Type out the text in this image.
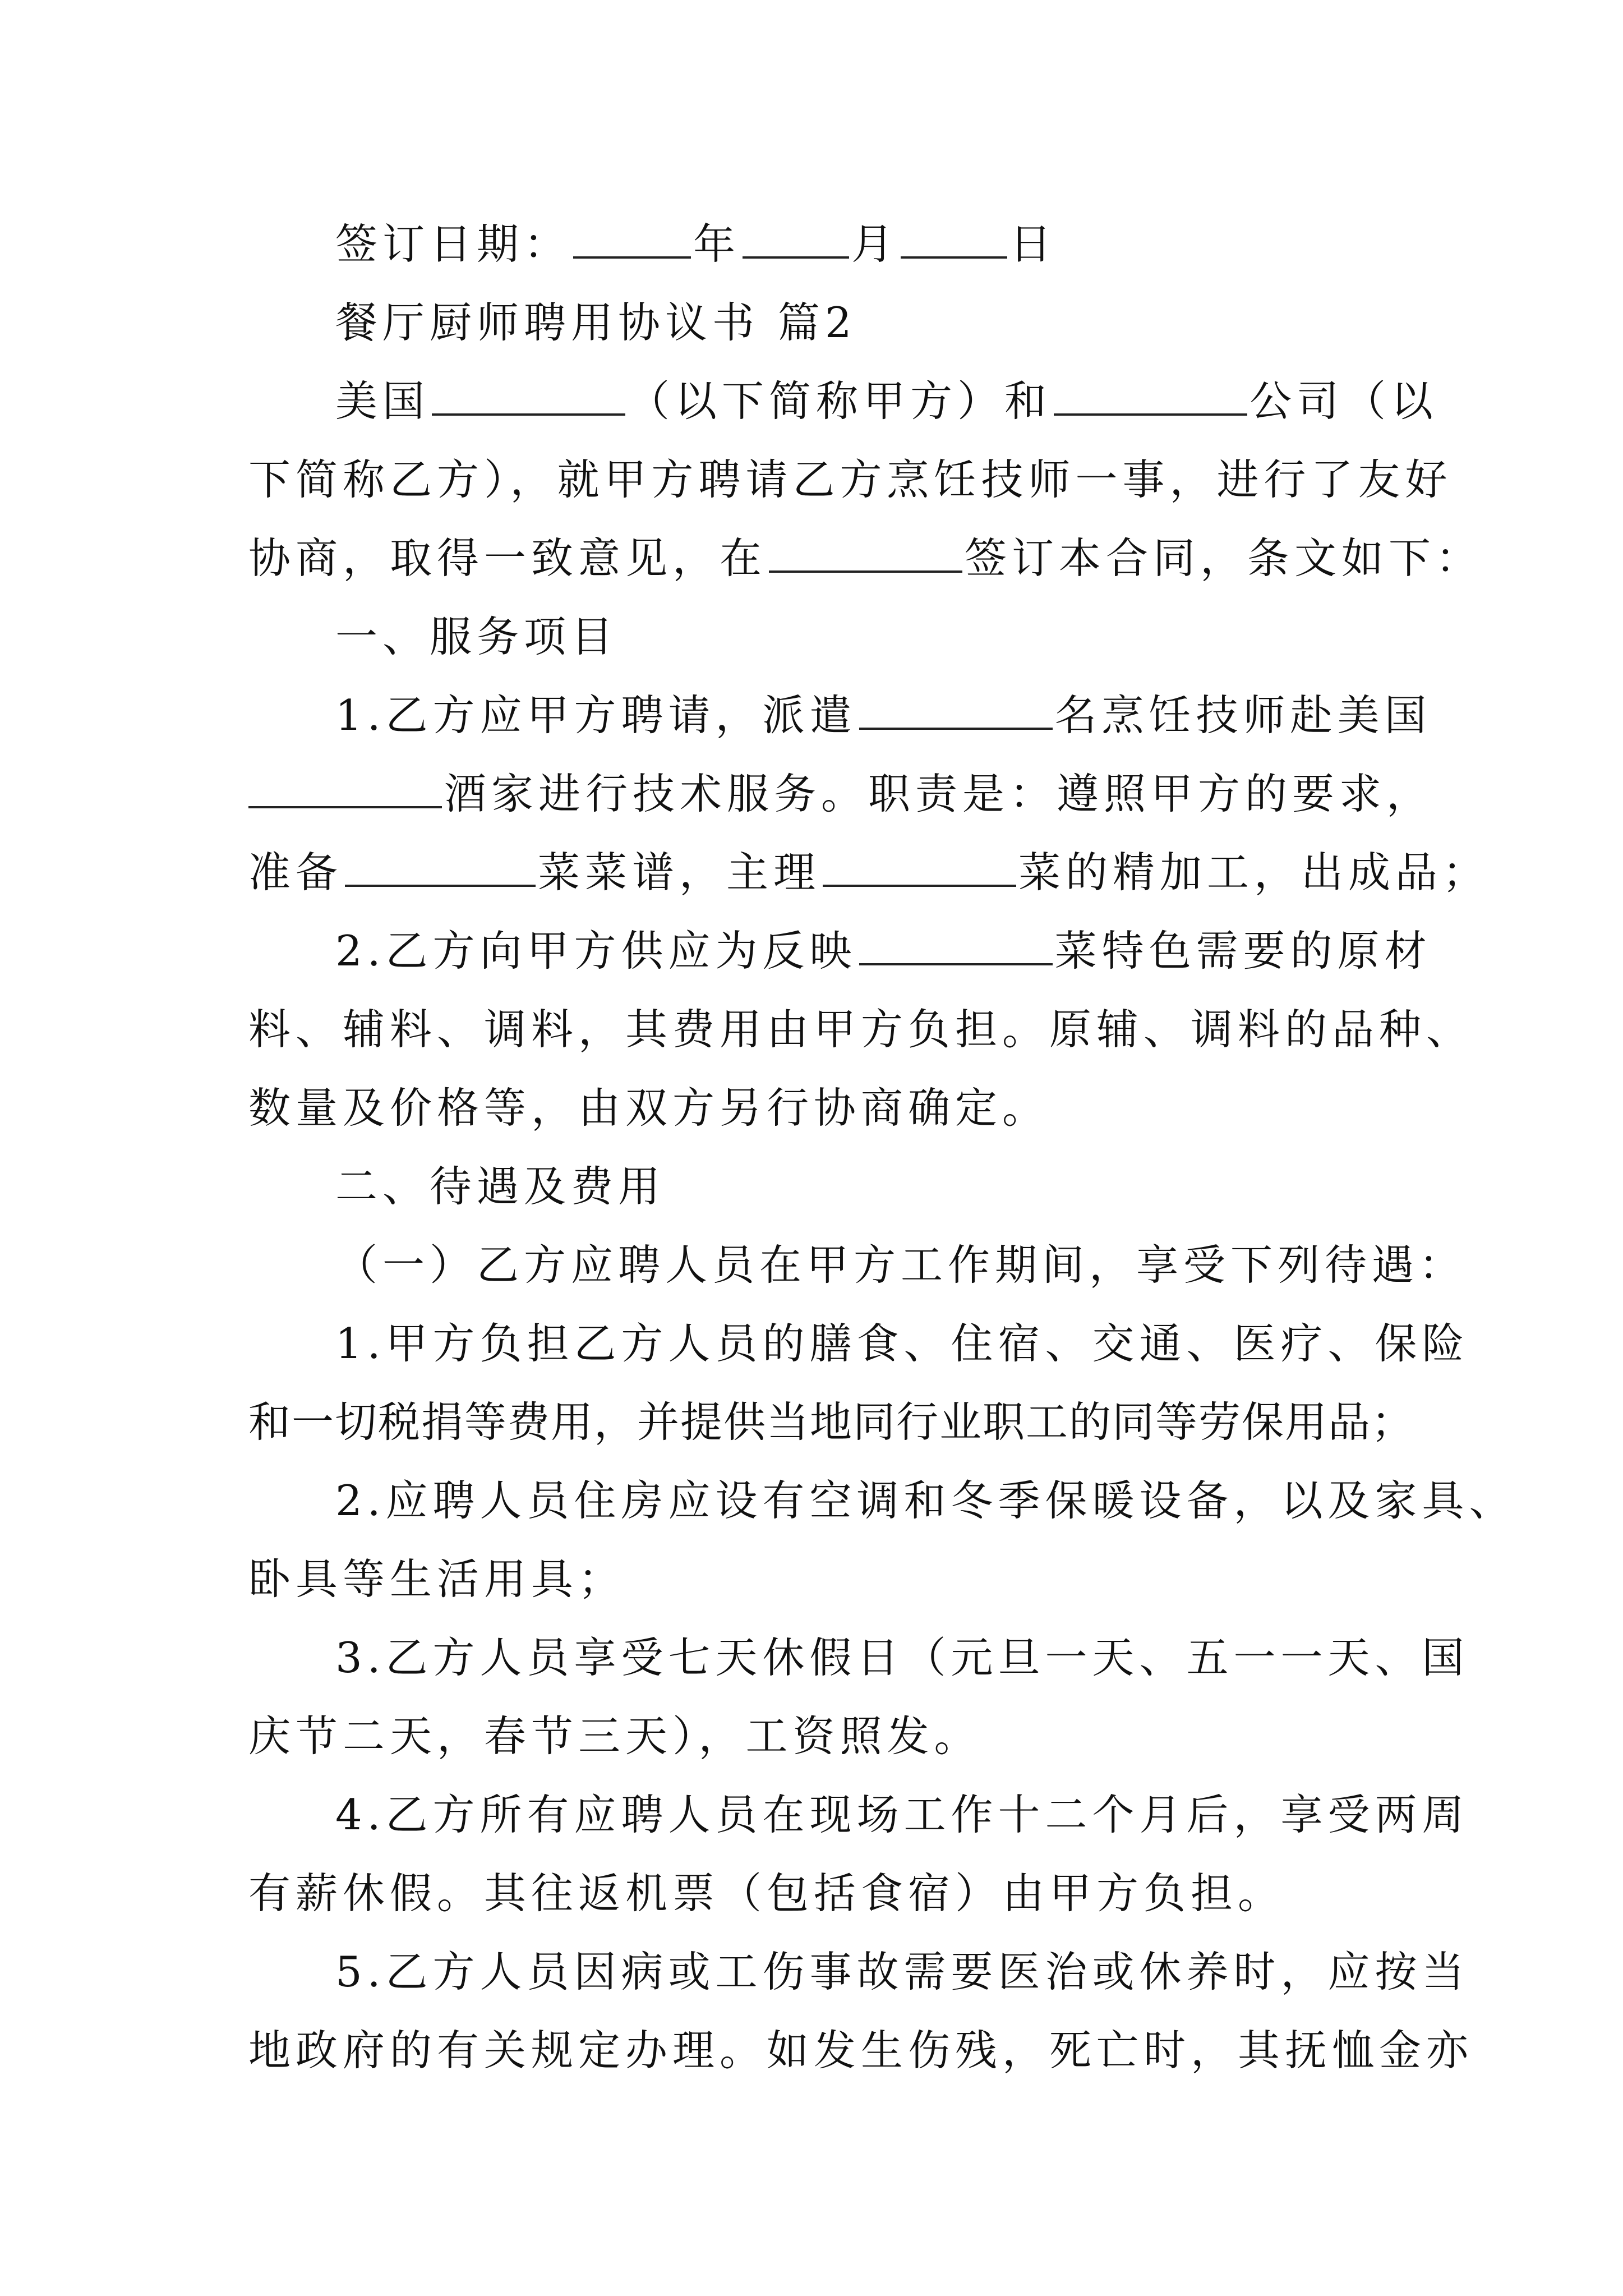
签订日期：	年	月	日
餐厅厨师聘用协议书 篇2
美国	（以下简称甲方）和	公司（以
下简称乙方），就甲方聘请乙方烹饪技师一事，进行了友好
协商，取得一致意见，在	签订本合同，条文如下：
一、服务项目
1.乙方应甲方聘请，派遣	名烹饪技师赴美国
酒家进行技术服务。职责是：遵照甲方的要求，
准备	菜菜谱，主理	菜的精加工，出成品；
2.乙方向甲方供应为反映	菜特色需要的原材
料、辅料、调料，其费用由甲方负担。原辅、调料的品种、
数量及价格等，由双方另行协商确定。
二、待遇及费用
（一）乙方应聘人员在甲方工作期间，享受下列待遇：
1.甲方负担乙方人员的膳食、住宿、交通、医疗、保险
和一切税捐等费用，并提供当地同行业职工的同等劳保用品；
2.应聘人员住房应设有空调和冬季保暖设备，以及家具、
卧具等生活用具；
3.乙方人员享受七天休假日（元旦一天、五一一天、国
庆节二天，春节三天），工资照发。
4.乙方所有应聘人员在现场工作十二个月后，享受两周
有薪休假。其往返机票（包括食宿）由甲方负担。
5.乙方人员因病或工伤事故需要医治或休养时，应按当
地政府的有关规定办理。如发生伤残，死亡时，其抚恤金亦
